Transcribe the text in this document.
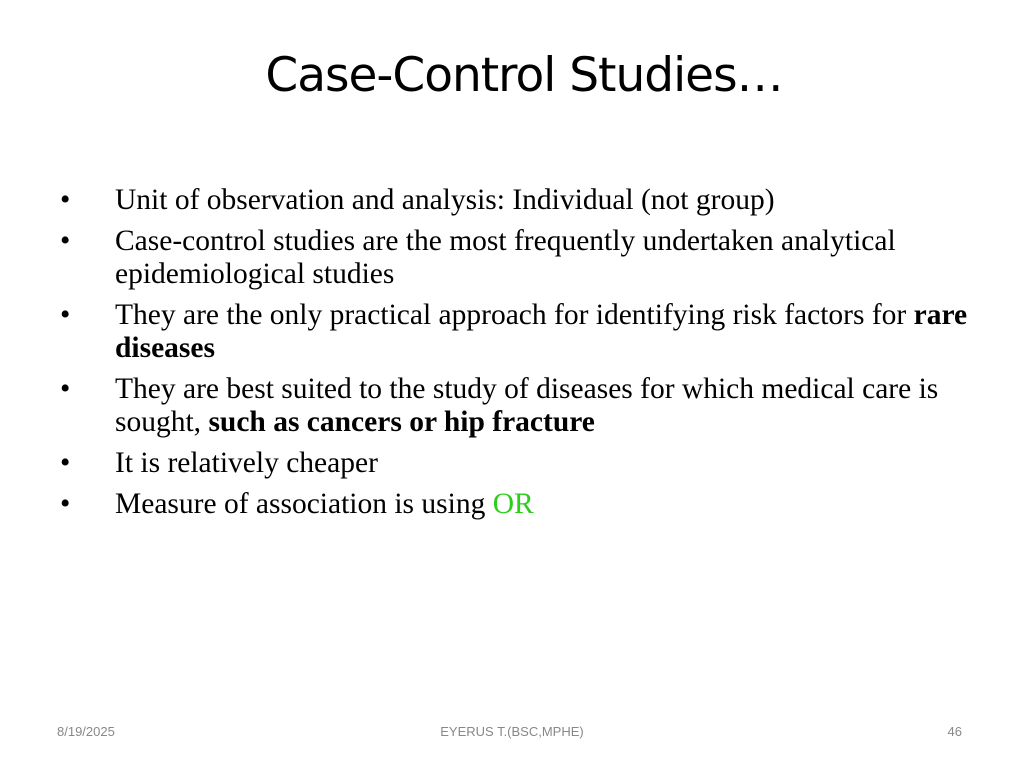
Case-Control Studies…
•	Unit of observation and analysis: Individual (not group)
•	Case-control studies are the most frequently undertaken analytical epidemiological studies
•	They are the only practical approach for identifying risk factors for rare diseases
•	They are best suited to the study of diseases for which medical care is sought, such as cancers or hip fracture
•	It is relatively cheaper
•	Measure of association is using OR
8/19/2025	EYERUS T.(BSC,MPHE)	46
